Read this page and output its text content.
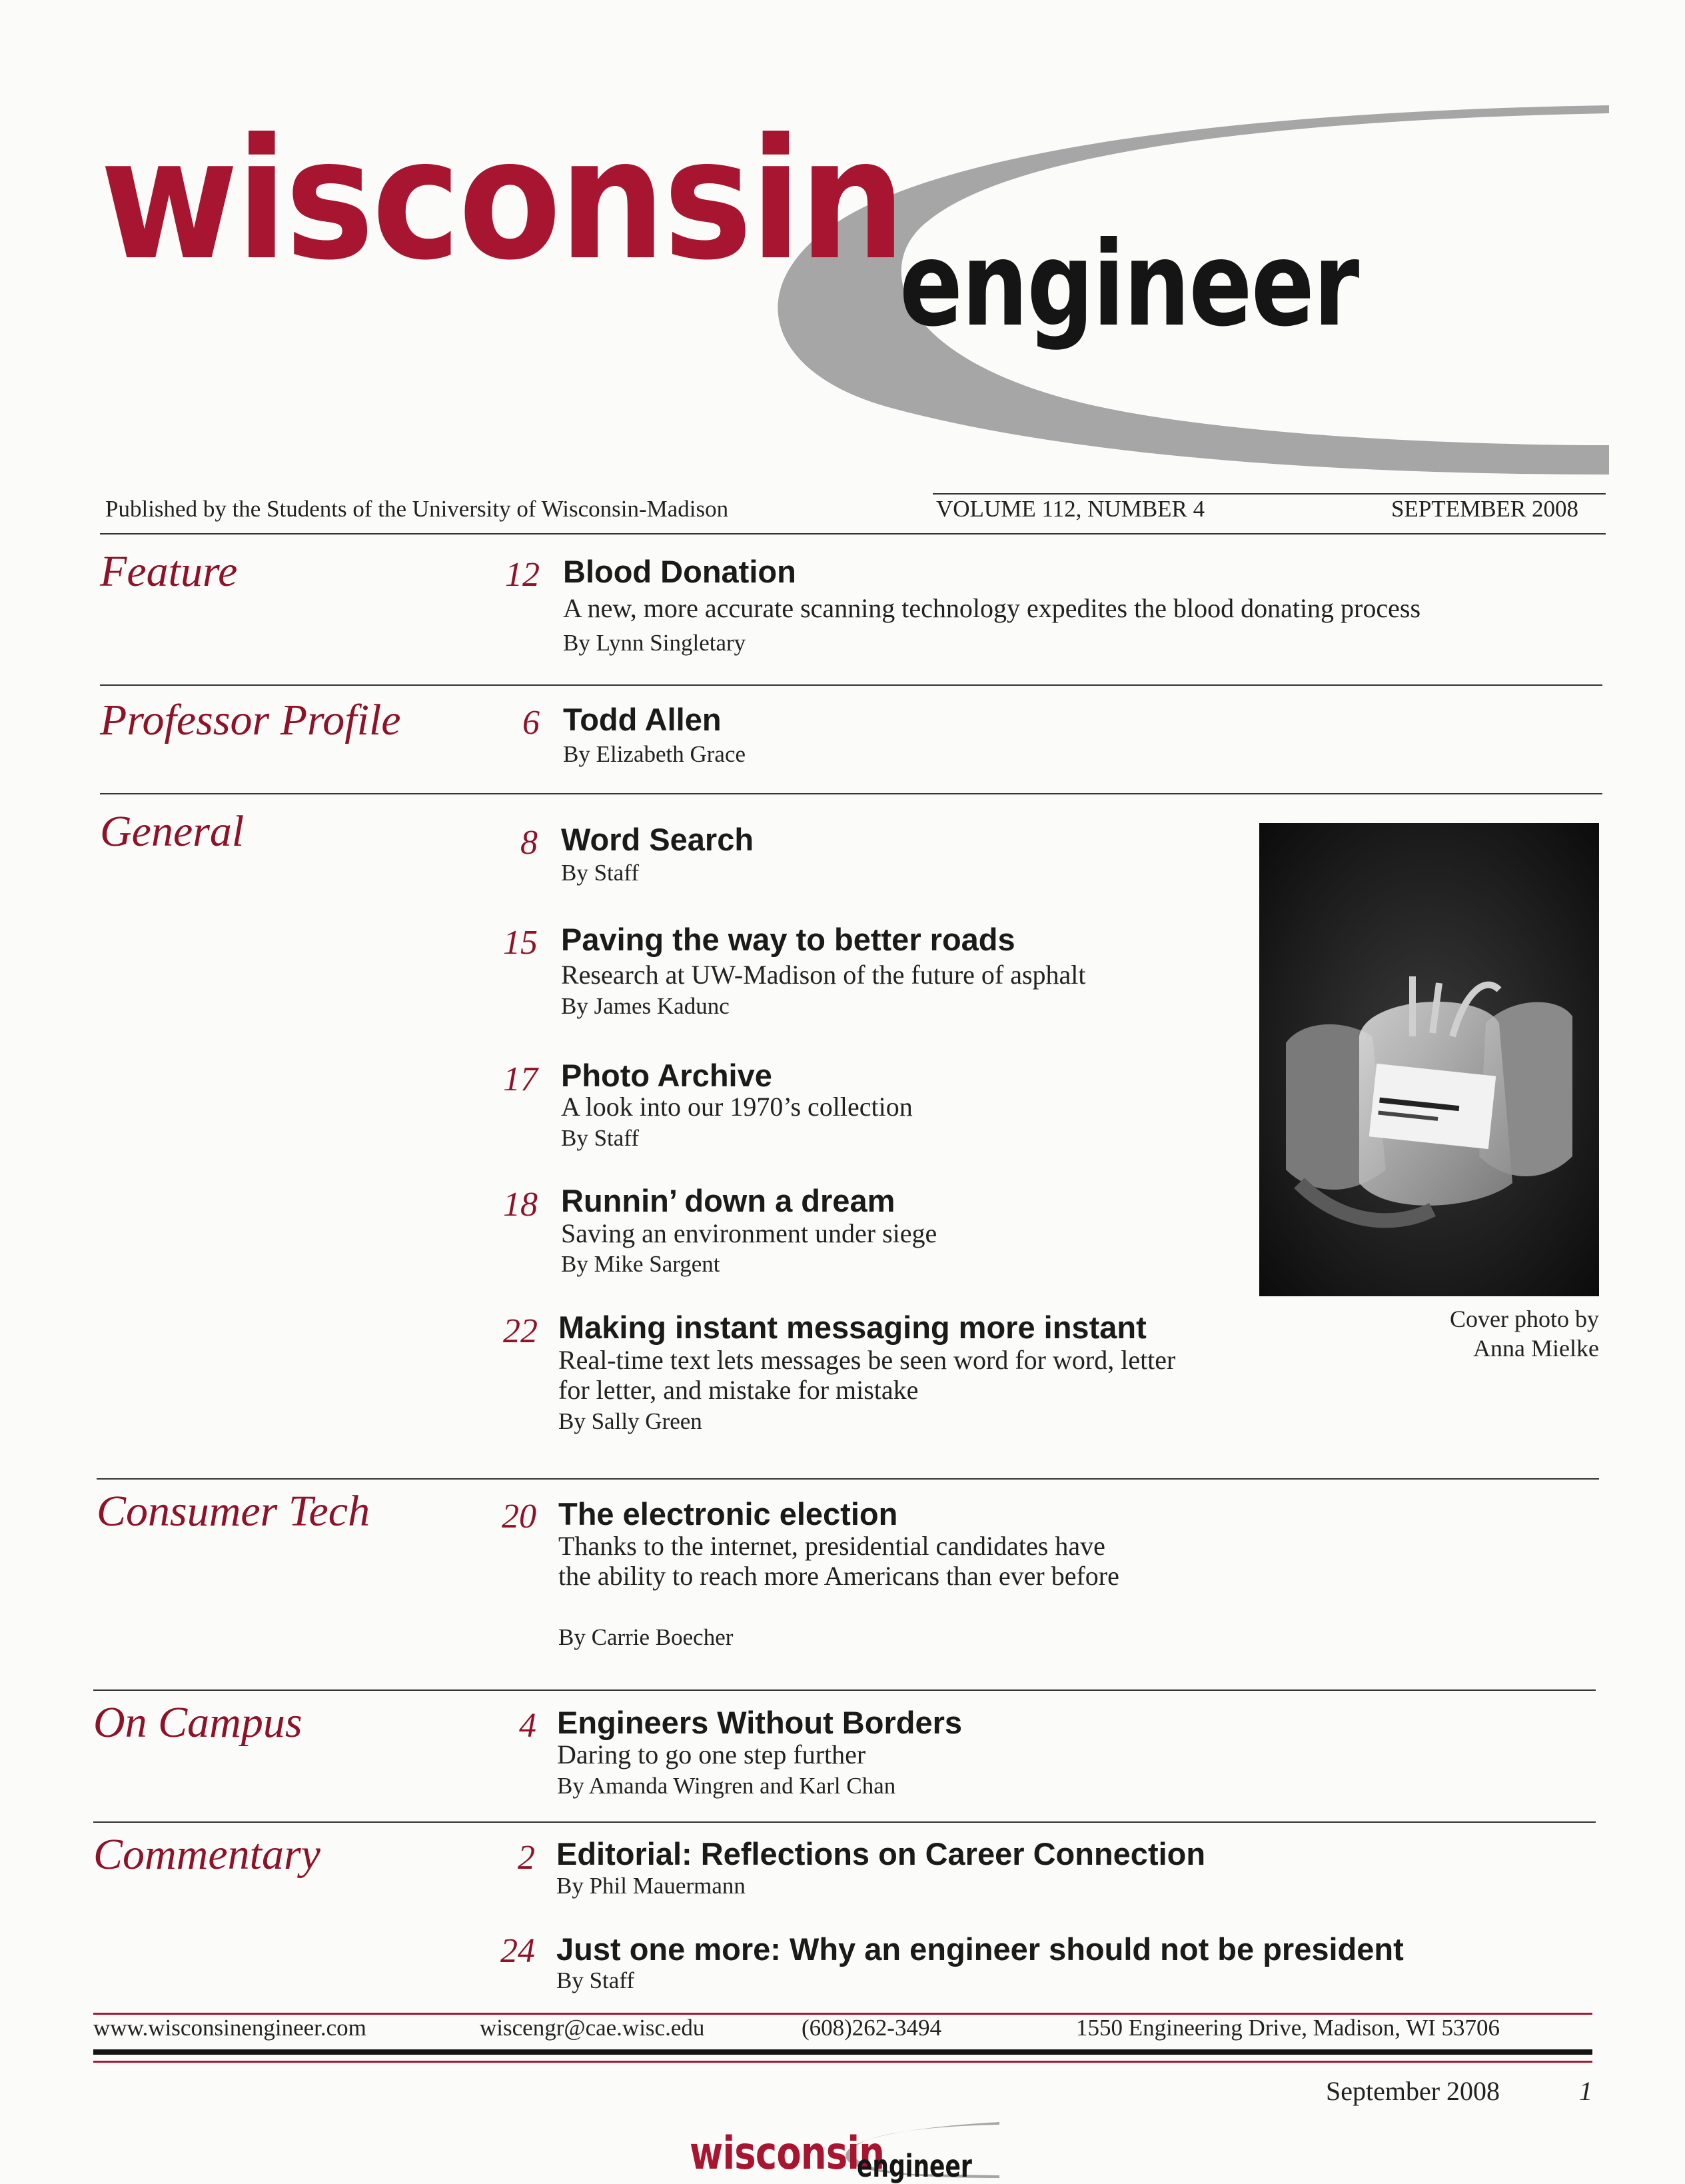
wisconsin
engineer
Published by the Students of the University of Wisconsin-Madison	VOLUME 112, NUMBER 4	SEPTEMBER 2008
Feature	12 Blood Donation
A new, more accurate scanning technology expedites the blood donating process
By Lynn Singletary
Professor Profile	6 Todd Allen
By Elizabeth Grace
General	8 Word Search
By Staff
15 Paving the way to better roads
Research at UW-Madison of the future of asphalt
By James Kadunc
17 Photo Archive
A look into our 1970’s collection
By Staff
18 Runnin’ down a dream
Saving an environment under siege
By Mike Sargent
22 Making instant messaging more instant
Real-time text lets messages be seen word for word, letter for letter, and mistake for mistake
By Sally Green
Cover photo by
Anna Mielke
Consumer Tech	20 The electronic election
Thanks to the internet, presidential candidates have the ability to reach more Americans than ever before
By Carrie Boecher
On Campus	4 Engineers Without Borders
Daring to go one step further
By Amanda Wingren and Karl Chan
Commentary	2 Editorial: Reflections on Career Connection
By Phil Mauermann
24 Just one more: Why an engineer should not be president
By Staff
www.wisconsinengineer.com	wiscengr@cae.wisc.edu	(608)262-3494	1550 Engineering Drive, Madison, WI 53706
September 2008	1
wisconsin
engineer
